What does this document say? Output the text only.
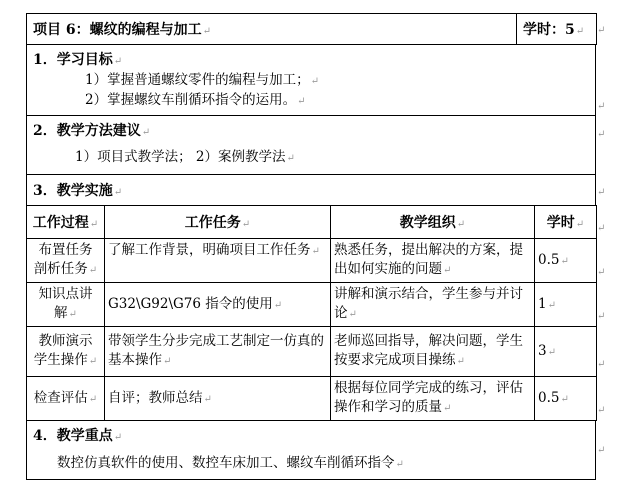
项目 6：螺纹的编程与加工↵	学时：5↵
1．学习目标↵
1）掌握普通螺纹零件的编程与加工；↵
2）掌握螺纹车削循环指令的运用。↵
2．教学方法建议↵
1）项目式教学法； 2）案例教学法↵
3．教学实施↵
工作过程↵	工作任务↵	教学组织↵	学时↵

布置任务
剖析任务↵	了解工作背景，明确项目工作任务↵	熟悉任务，提出解决的方案，提出如何实施的问题↵	0.5↵

知识点讲
解↵	G32\G92\G76 指令的使用↵	讲解和演示结合，学生参与并讨论↵	1↵

教师演示
学生操作↵	带领学生分步完成工艺制定一仿真的基本操作↵	老师巡回指导，解决问题，学生按要求完成项目操练↵	3↵
检查评估↵	自评；教师总结↵	根据每位同学完成的练习，评估操作和学习的质量↵	0.5↵
4．教学重点↵
数控仿真软件的使用、数控车床加工、螺纹车削循环指令↵
↵
↵
↵
↵
↵
↵
↵
↵
↵
↵
